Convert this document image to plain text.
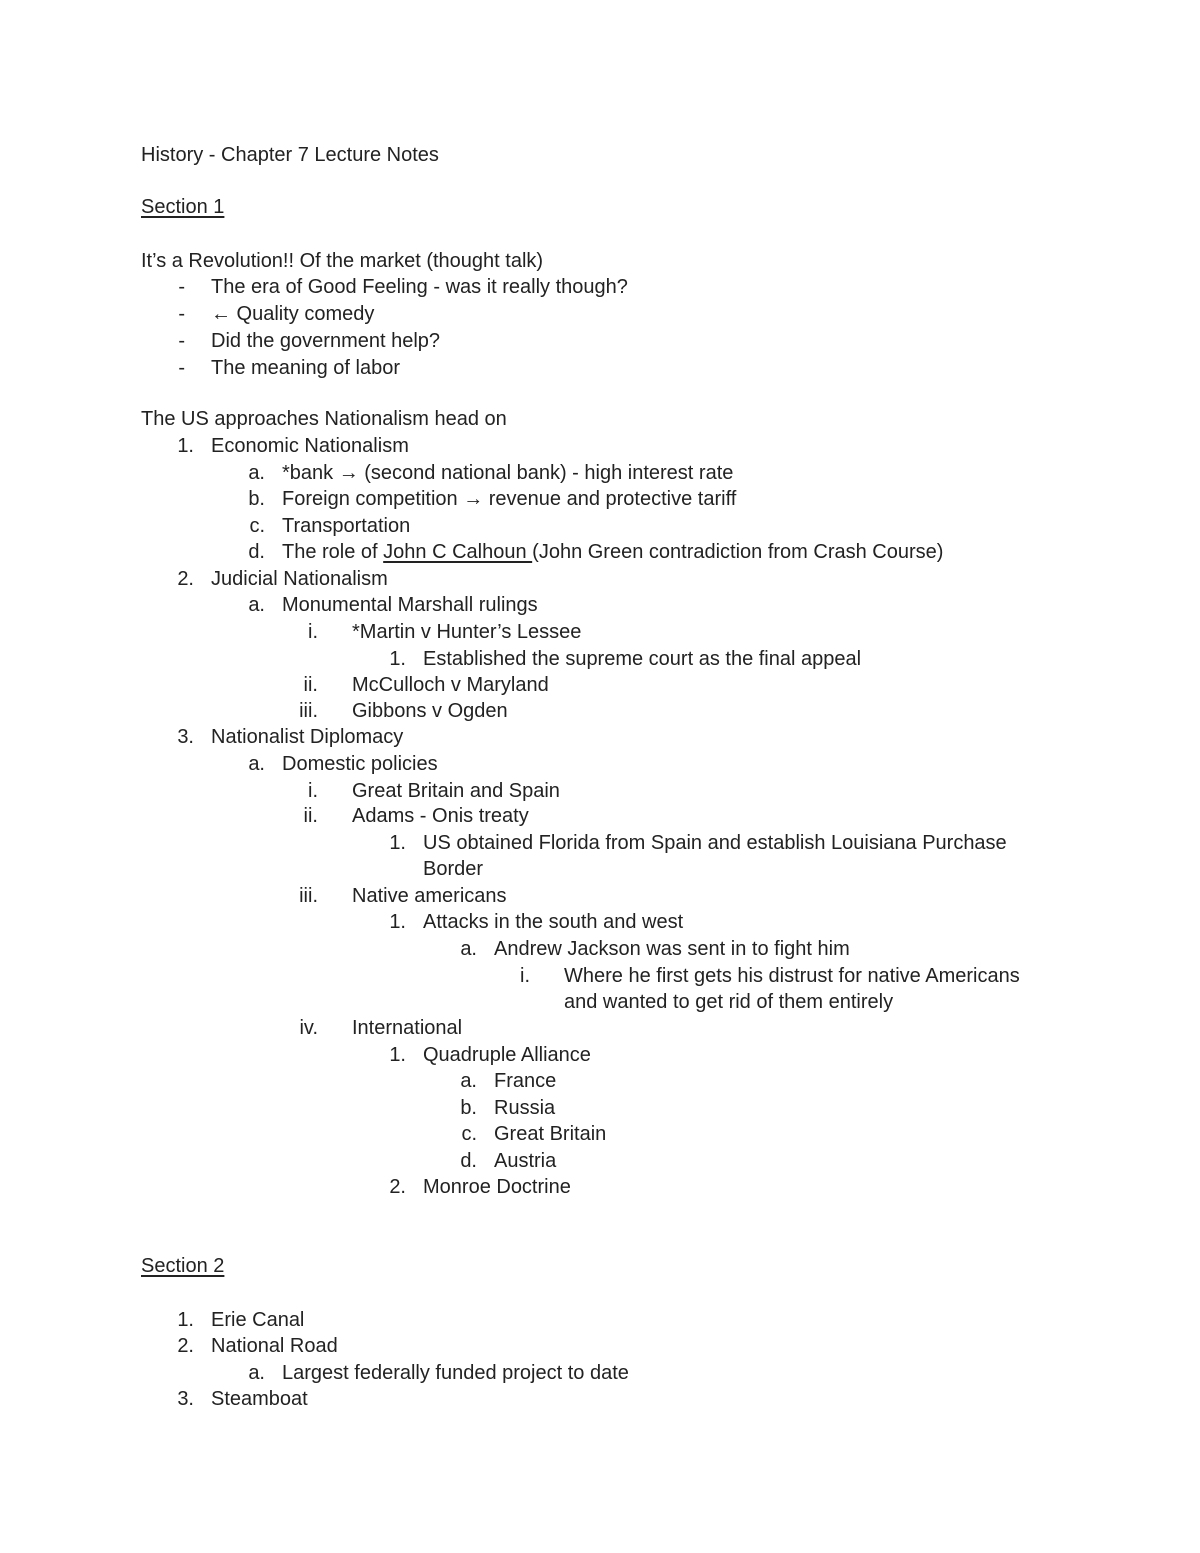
History - Chapter 7 Lecture Notes

Section 1

It’s a Revolution!! Of the market (thought talk)

- The era of Good Feeling - was it really though?

- ← Quality comedy

- Did the government help?

- The meaning of labor

The US approaches Nationalism head on

1. Economic Nationalism

a. *bank → (second national bank) - high interest rate

b. Foreign competition → revenue and protective tariff

c. Transportation

d. The role of John C Calhoun (John Green contradiction from Crash Course)

2. Judicial Nationalism

a. Monumental Marshall rulings

i. *Martin v Hunter’s Lessee

1. Established the supreme court as the final appeal

ii. McCulloch v Maryland

iii. Gibbons v Ogden

3. Nationalist Diplomacy

a. Domestic policies

i. Great Britain and Spain

ii. Adams - Onis treaty

1. US obtained Florida from Spain and establish Louisiana Purchase

Border

iii. Native americans

1. Attacks in the south and west

a. Andrew Jackson was sent in to fight him

i. Where he first gets his distrust for native Americans

and wanted to get rid of them entirely

iv. International

1. Quadruple Alliance

a. France

b. Russia

c. Great Britain

d. Austria

2. Monroe Doctrine

Section 2

1. Erie Canal

2. National Road

a. Largest federally funded project to date

3. Steamboat
